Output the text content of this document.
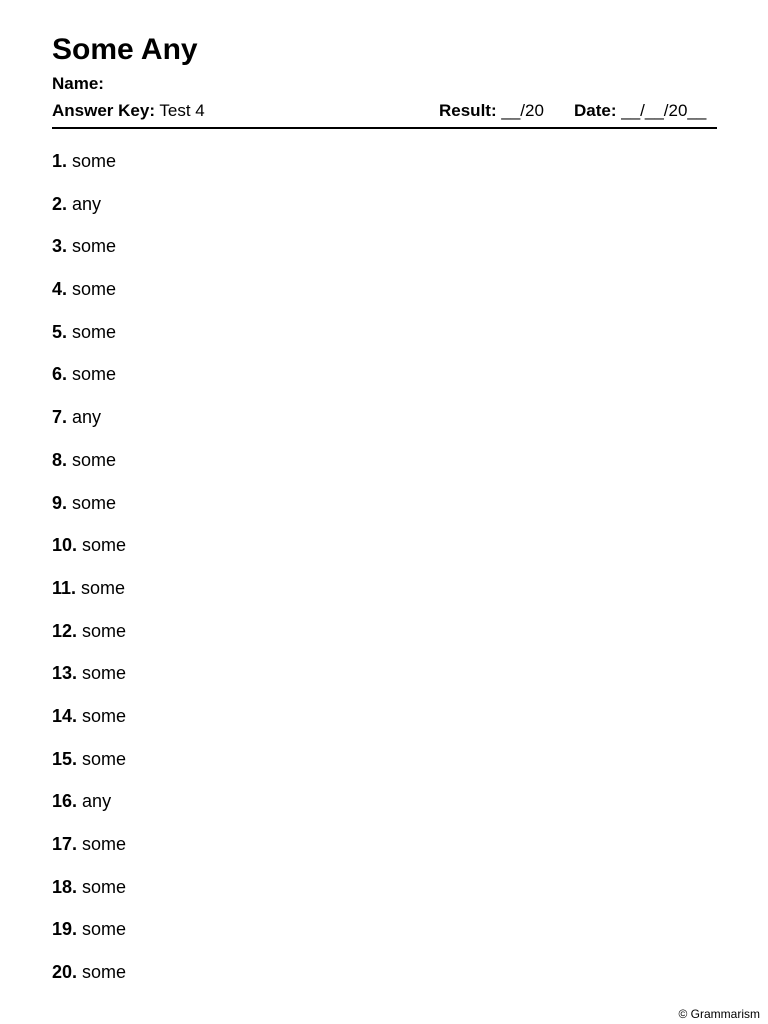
Some Any
Name:
Answer Key: Test 4	Result: __/20 Date: __/__/20__
1. some
2. any
3. some
4. some
5. some
6. some
7. any
8. some
9. some
10. some
11. some
12. some
13. some
14. some
15. some
16. any
17. some
18. some
19. some
20. some
© Grammarism
